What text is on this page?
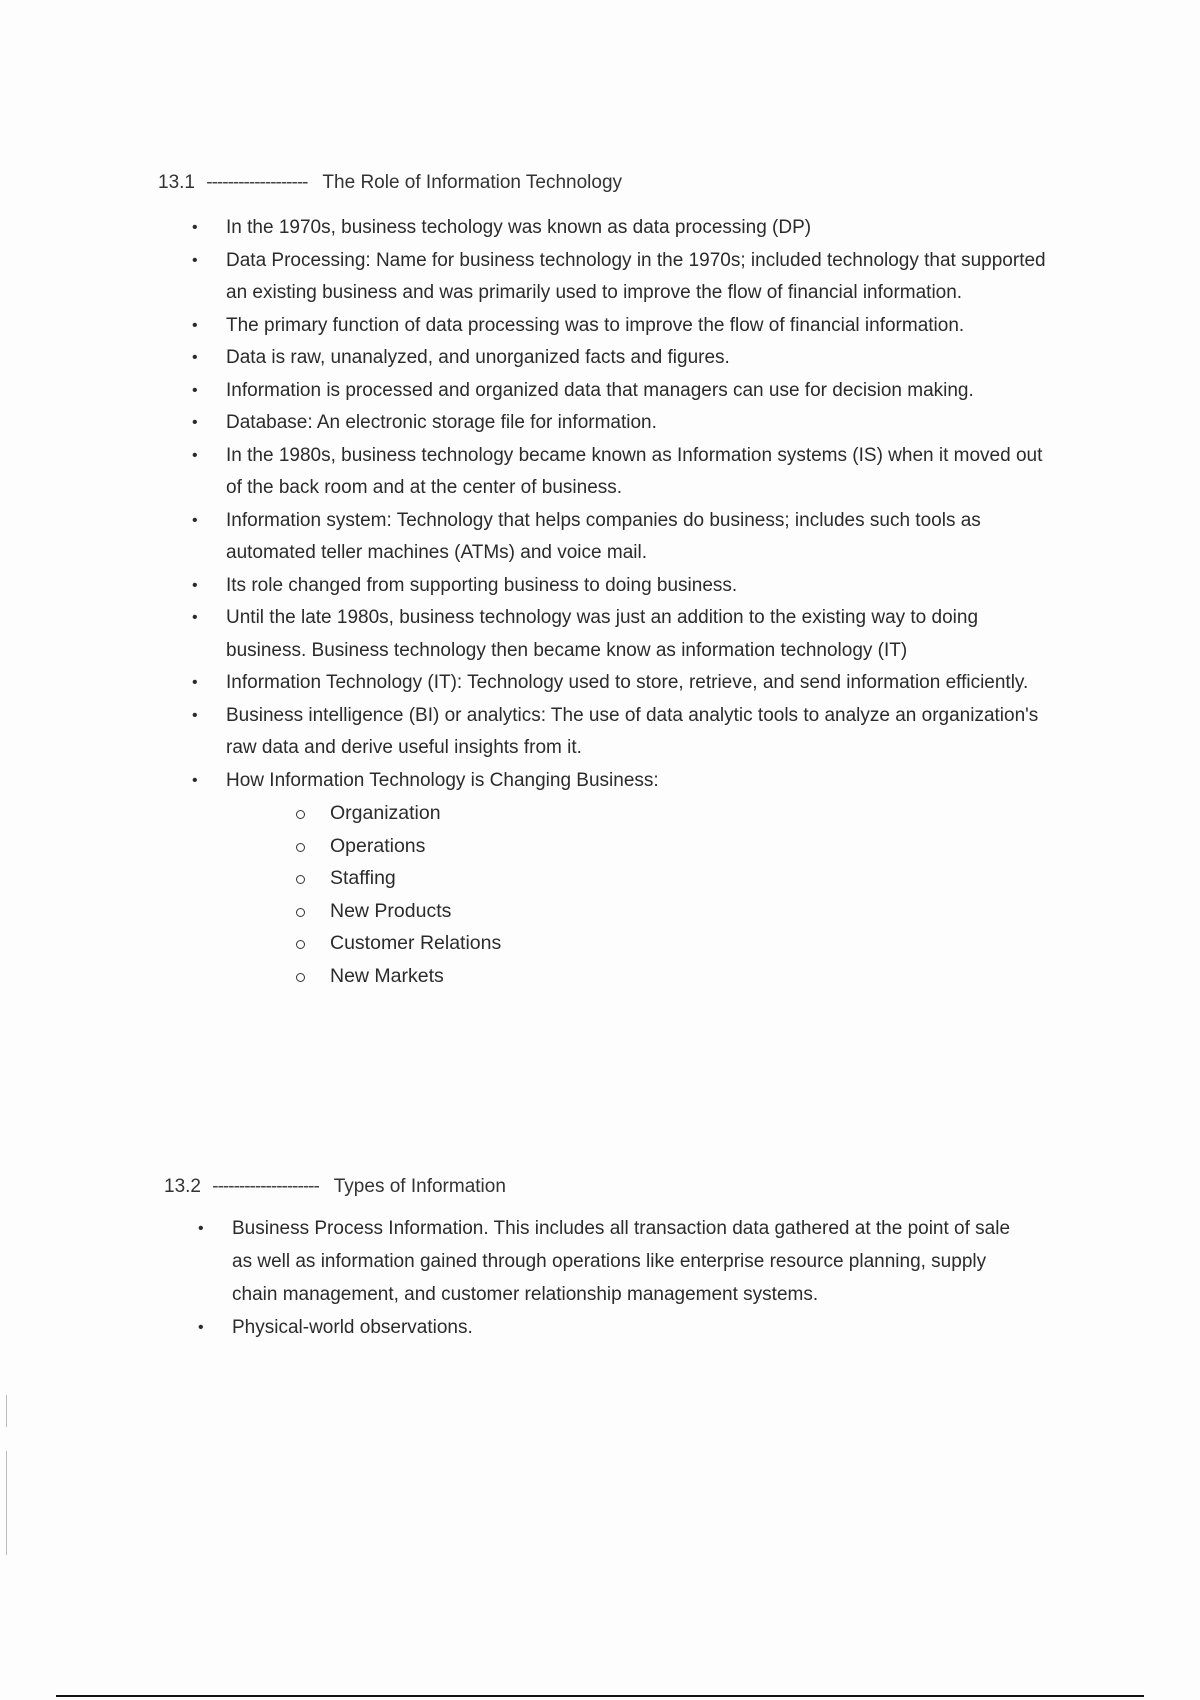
13.1 ------------------- The Role of Information Technology
• In the 1970s, business techology was known as data processing (DP)
• Data Processing: Name for business technology in the 1970s; included technology that supported an existing business and was primarily used to improve the flow of financial information.
• The primary function of data processing was to improve the flow of financial information.
• Data is raw, unanalyzed, and unorganized facts and figures.
• Information is processed and organized data that managers can use for decision making.
• Database: An electronic storage file for information.
• In the 1980s, business technology became known as Information systems (IS) when it moved out of the back room and at the center of business.
• Information system: Technology that helps companies do business; includes such tools as automated teller machines (ATMs) and voice mail.
• Its role changed from supporting business to doing business.
• Until the late 1980s, business technology was just an addition to the existing way to doing business. Business technology then became know as information technology (IT)
• Information Technology (IT): Technology used to store, retrieve, and send information efficiently.
• Business intelligence (BI) or analytics: The use of data analytic tools to analyze an organization's raw data and derive useful insights from it.
• How Information Technology is Changing Business:
Organization
Operations
Staffing
New Products
Customer Relations
New Markets
13.2 -------------------- Types of Information
• Business Process Information. This includes all transaction data gathered at the point of sale as well as information gained through operations like enterprise resource planning, supply chain management, and customer relationship management systems.
• Physical-world observations.
